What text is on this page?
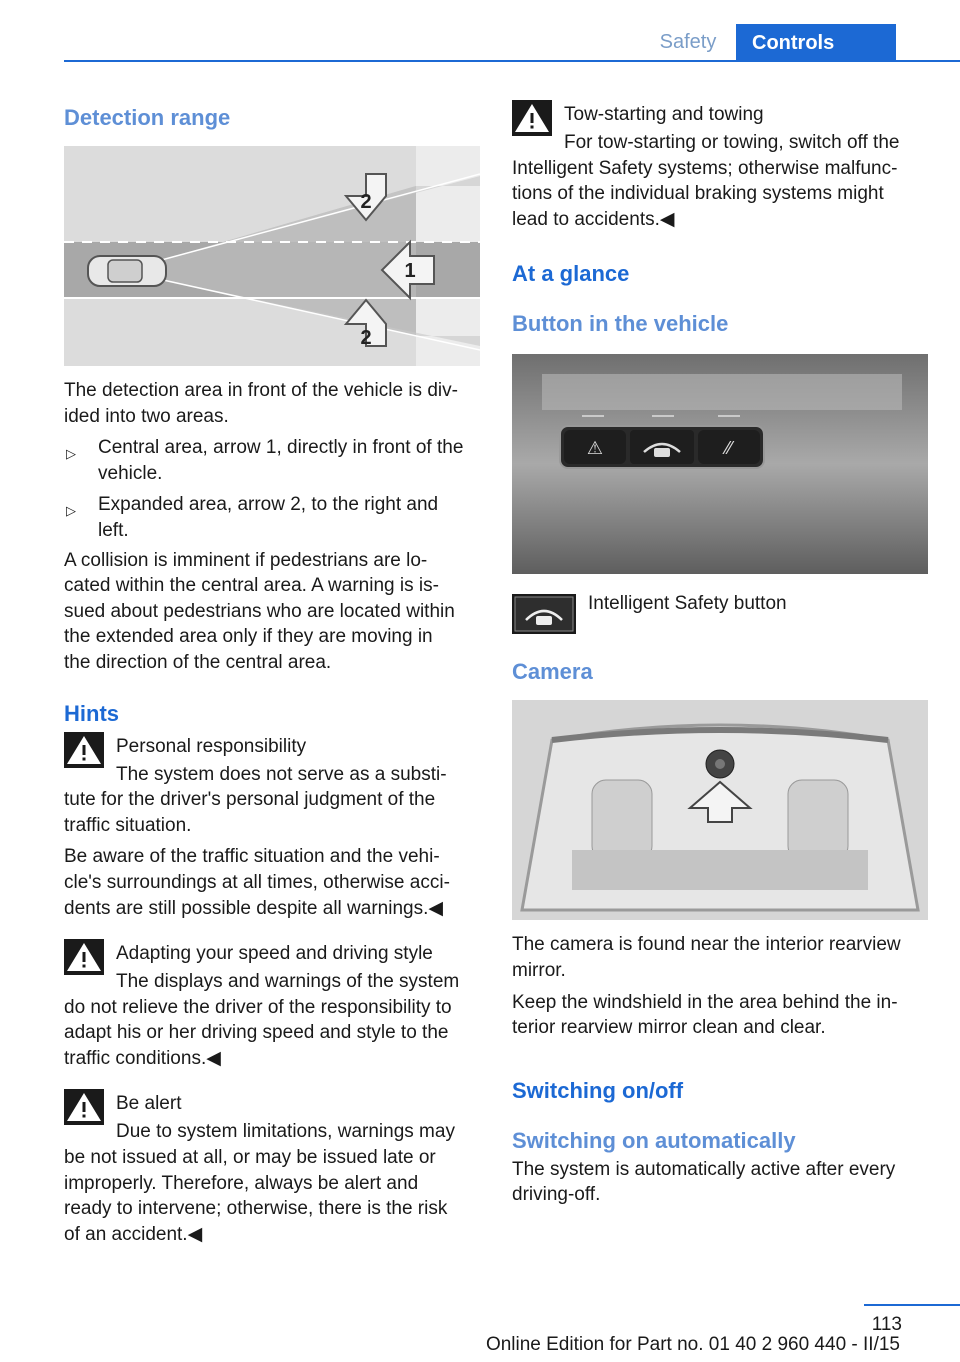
Safety	Controls
Detection range
2
1
2

The detection area in front of the vehicle is div‐

ided into two areas.

▷ Central area, arrow 1, directly in front of the
vehicle.
▷ Expanded area, arrow 2, to the right and
left.

A collision is imminent if pedestrians are lo‐

cated within the central area. A warning is is‐

sued about pedestrians who are located within

the extended area only if they are moving in

the direction of the central area.

Hints
Personal responsibility
The system does not serve as a substi‐

tute for the driver's personal judgment of the

traffic situation.

Be aware of the traffic situation and the vehi‐

cle's surroundings at all times, otherwise acci‐

dents are still possible despite all warnings.◀

Adapting your speed and driving style
The displays and warnings of the system

do not relieve the driver of the responsibility to

adapt his or her driving speed and style to the

traffic conditions.◀

Be alert
Due to system limitations, warnings may

be not issued at all, or may be issued late or

improperly. Therefore, always be alert and

ready to intervene; otherwise, there is the risk

of an accident.◀

Tow-starting and towing
For tow-starting or towing, switch off the

Intelligent Safety systems; otherwise malfunc‐

tions of the individual braking systems might

lead to accidents.◀

At a glance
Button in the vehicle
⚠	⁄⁄
Intelligent Safety button
Camera

The camera is found near the interior rearview

mirror.

Keep the windshield in the area behind the in‐

terior rearview mirror clean and clear.

Switching on/off
Switching on automatically

The system is automatically active after every

driving-off.

113
Online Edition for Part no. 01 40 2 960 440 - II/15
